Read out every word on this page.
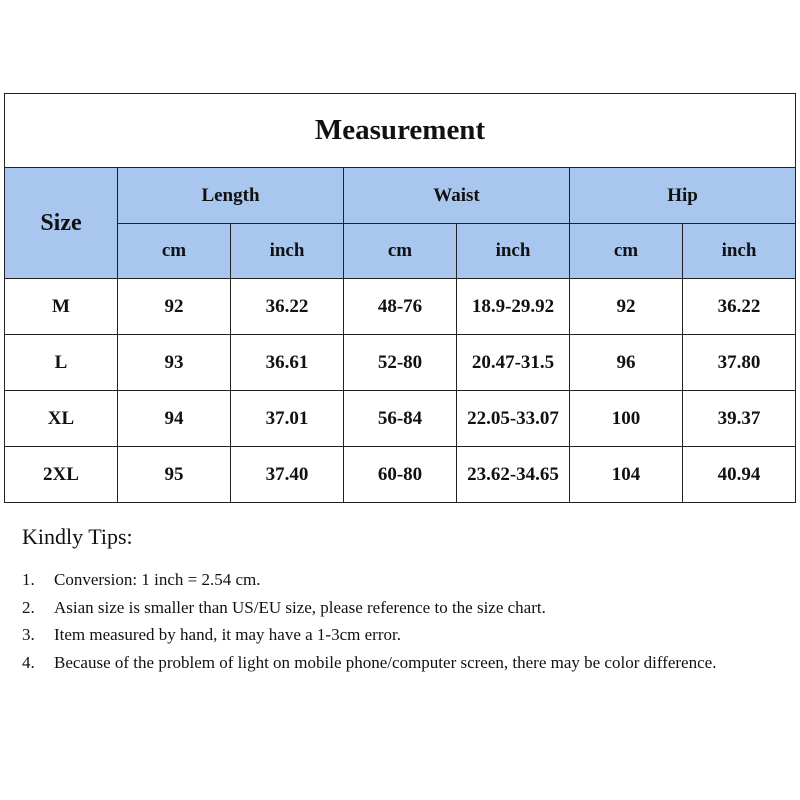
Measurement						
Size	Length		Waist		Hip	
	cm	inch	cm	inch	cm	inch
M	92	36.22	48-76	18.9-29.92	92	36.22
L	93	36.61	52-80	20.47-31.5	96	37.80
XL	94	37.01	56-84	22.05-33.07	100	39.37
2XL	95	37.40	60-80	23.62-34.65	104	40.94
Kindly Tips:
1.	Conversion: 1 inch = 2.54 cm.
2.	Asian size is smaller than US/EU size, please reference to the size chart.
3.	Item measured by hand, it may have a 1-3cm error.
4.	Because of the problem of light on mobile phone/computer screen, there may be color difference.
